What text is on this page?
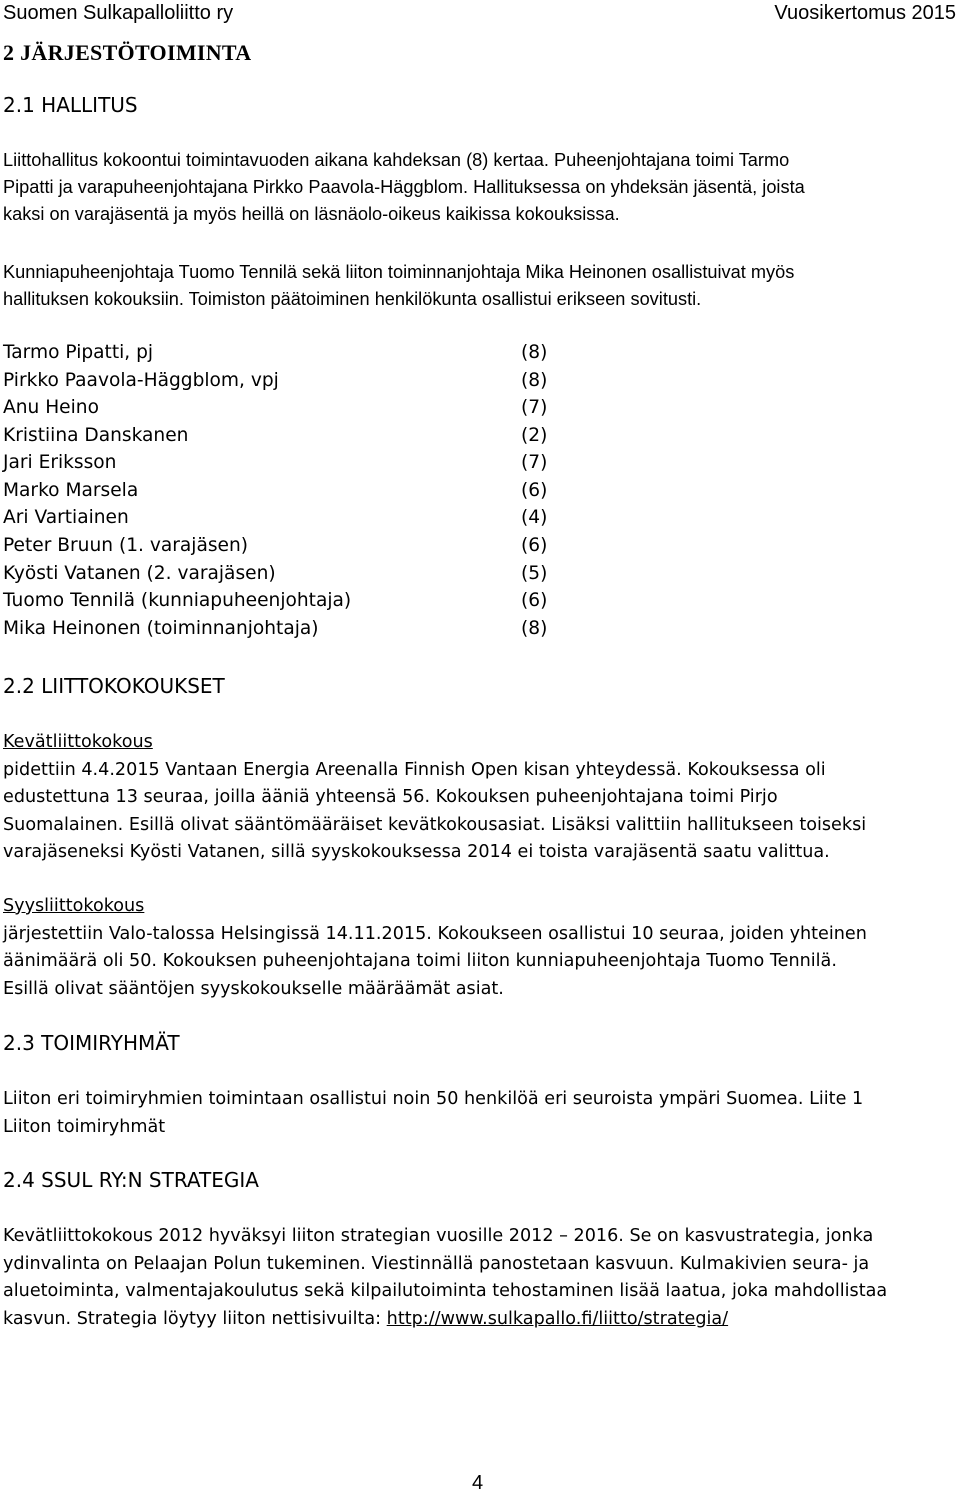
Suomen Sulkapalloliitto ry	Vuosikertomus 2015
2 JÄRJESTÖTOIMINTA
2.1 HALLITUS
Liittohallitus kokoontui toimintavuoden aikana kahdeksan (8) kertaa. Puheenjohtajana toimi Tarmo
Pipatti ja varapuheenjohtajana Pirkko Paavola-Häggblom. Hallituksessa on yhdeksän jäsentä, joista
kaksi on varajäsentä ja myös heillä on läsnäolo-oikeus kaikissa kokouksissa.
Kunniapuheenjohtaja Tuomo Tennilä sekä liiton toiminnanjohtaja Mika Heinonen osallistuivat myös
hallituksen kokouksiin. Toimiston päätoiminen henkilökunta osallistui erikseen sovitusti.
Tarmo Pipatti, pj	(8)
Pirkko Paavola-Häggblom, vpj	(8)
Anu Heino	(7)
Kristiina Danskanen	(2)
Jari Eriksson	(7)
Marko Marsela	(6)
Ari Vartiainen	(4)
Peter Bruun (1. varajäsen)	(6)
Kyösti Vatanen (2. varajäsen)	(5)
Tuomo Tennilä (kunniapuheenjohtaja)	(6)
Mika Heinonen (toiminnanjohtaja)	(8)
2.2 LIITTOKOKOUKSET
Kevätliittokokous
pidettiin 4.4.2015 Vantaan Energia Areenalla Finnish Open kisan yhteydessä. Kokouksessa oli
edustettuna 13 seuraa, joilla ääniä yhteensä 56. Kokouksen puheenjohtajana toimi Pirjo
Suomalainen. Esillä olivat sääntömääräiset kevätkokousasiat. Lisäksi valittiin hallitukseen toiseksi
varajäseneksi Kyösti Vatanen, sillä syyskokouksessa 2014 ei toista varajäsentä saatu valittua.
Syysliittokokous
järjestettiin Valo-talossa Helsingissä 14.11.2015. Kokoukseen osallistui 10 seuraa, joiden yhteinen
äänimäärä oli 50. Kokouksen puheenjohtajana toimi liiton kunniapuheenjohtaja Tuomo Tennilä.
Esillä olivat sääntöjen syyskokoukselle määräämät asiat.
2.3 TOIMIRYHMÄT
Liiton eri toimiryhmien toimintaan osallistui noin 50 henkilöä eri seuroista ympäri Suomea. Liite 1
Liiton toimiryhmät
2.4 SSUL RY:N STRATEGIA
Kevätliittokokous 2012 hyväksyi liiton strategian vuosille 2012 – 2016. Se on kasvustrategia, jonka
ydinvalinta on Pelaajan Polun tukeminen. Viestinnällä panostetaan kasvuun. Kulmakivien seura- ja
aluetoiminta, valmentajakoulutus sekä kilpailutoiminta tehostaminen lisää laatua, joka mahdollistaa
kasvun. Strategia löytyy liiton nettisivuilta: http://www.sulkapallo.fi/liitto/strategia/
4
